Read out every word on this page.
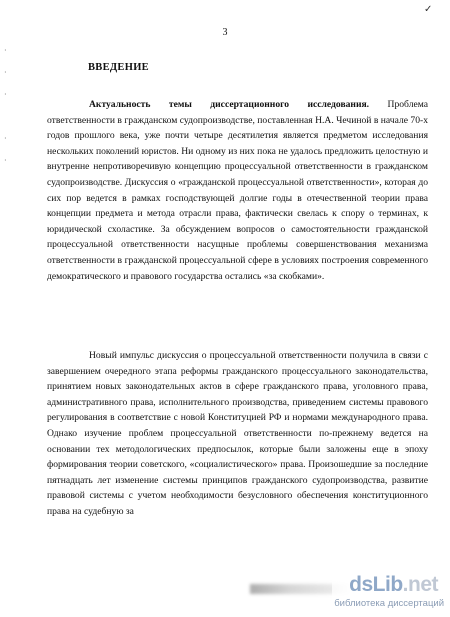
✓
·
·
·

·
·
3
ВВЕДЕНИЕ

Актуальность темы диссертационного исследования. Проблема ответственности в гражданском судопроизводстве, поставленная Н.А. Чечиной в начале 70-х годов прошлого века, уже почти четыре десятилетия является предметом исследования нескольких поколений юристов. Ни одному из них пока не удалось предложить целостную и внутренне непротиворечивую концепцию процессуальной ответственности в гражданском судопроизводстве. Дискуссия о «гражданской процессуальной ответственности», которая до сих пор ведется в рамках господствующей долгие годы в отечественной теории права концепции предмета и метода отрасли права, фактически свелась к спору о терминах, к юридической схоластике. За обсуждением вопросов о самостоятельности гражданской процессуальной ответственности насущные проблемы совершенствования механизма ответственности в гражданской процессуальной сфере в условиях построения современного демократического и правового государства остались «за скобками».

Новый импульс дискуссия о процессуальной ответственности получила в связи с завершением очередного этапа реформы гражданского процессуального законодательства, принятием новых законодательных актов в сфере гражданского права, уголовного права, административного права, исполнительного производства, приведением системы правового регулирования в соответствие с новой Конституцией РФ и нормами международного права. Однако изучение проблем процессуальной ответственности по-прежнему ведется на основании тех методологических предпосылок, которые были заложены еще в эпоху формирования теории советского, «социалистического» права. Произошедшие за последние пятнадцать лет изменение системы принципов гражданского судопроизводства, развитие правовой системы с учетом необходимости безусловного обеспечения конституционного права на судебную за

dsLib.net
библиотека диссертаций
